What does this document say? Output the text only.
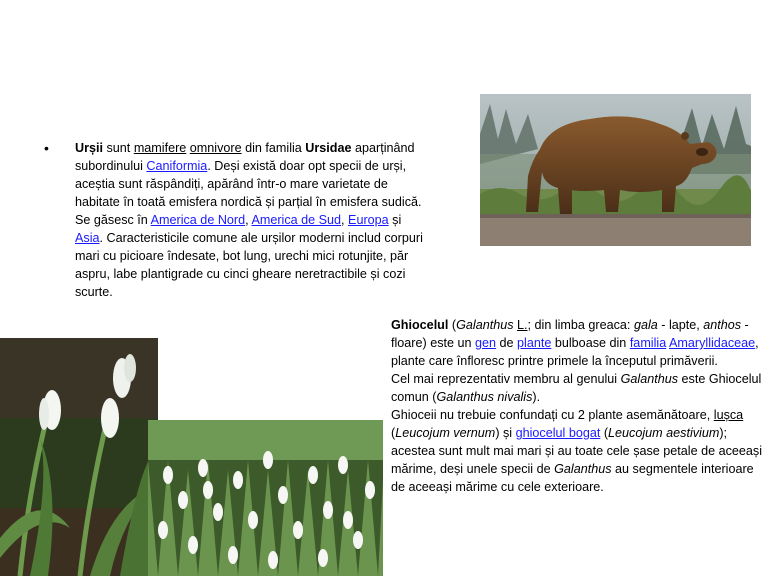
• Urșii sunt mamifere omnivore din familia Ursidae aparținând subordinului Caniformia. Deși există doar opt specii de urși, aceștia sunt răspândiți, apărând într-o mare varietate de habitate în toată emisfera nordică și parțial în emisfera sudică. Se găsesc în America de Nord, America de Sud, Europa și Asia. Caracteristicile comune ale urșilor moderni includ corpuri mari cu picioare îndesate, bot lung, urechi mici rotunjite, păr aspru, labe plantigrade cu cinci gheare neretractibile și cozi scurte.

Ghiocelul (Galanthus L.; din limba greaca: gala - lapte, anthos - floare) este un gen de plante bulboase din familia Amaryllidaceae, plante care înfloresc printre primele la începutul primăverii.

Cel mai reprezentativ membru al genului Galanthus este Ghiocelul comun (Galanthus nivalis).

Ghioceii nu trebuie confundați cu 2 plante asemănătoare, lușca (Leucojum vernum) și ghiocelul bogat (Leucojum aestivium); acestea sunt mult mai mari și au toate cele șase petale de aceeași mărime, deși unele specii de Galanthus au segmentele interioare de aceeași mărime cu cele exterioare.
